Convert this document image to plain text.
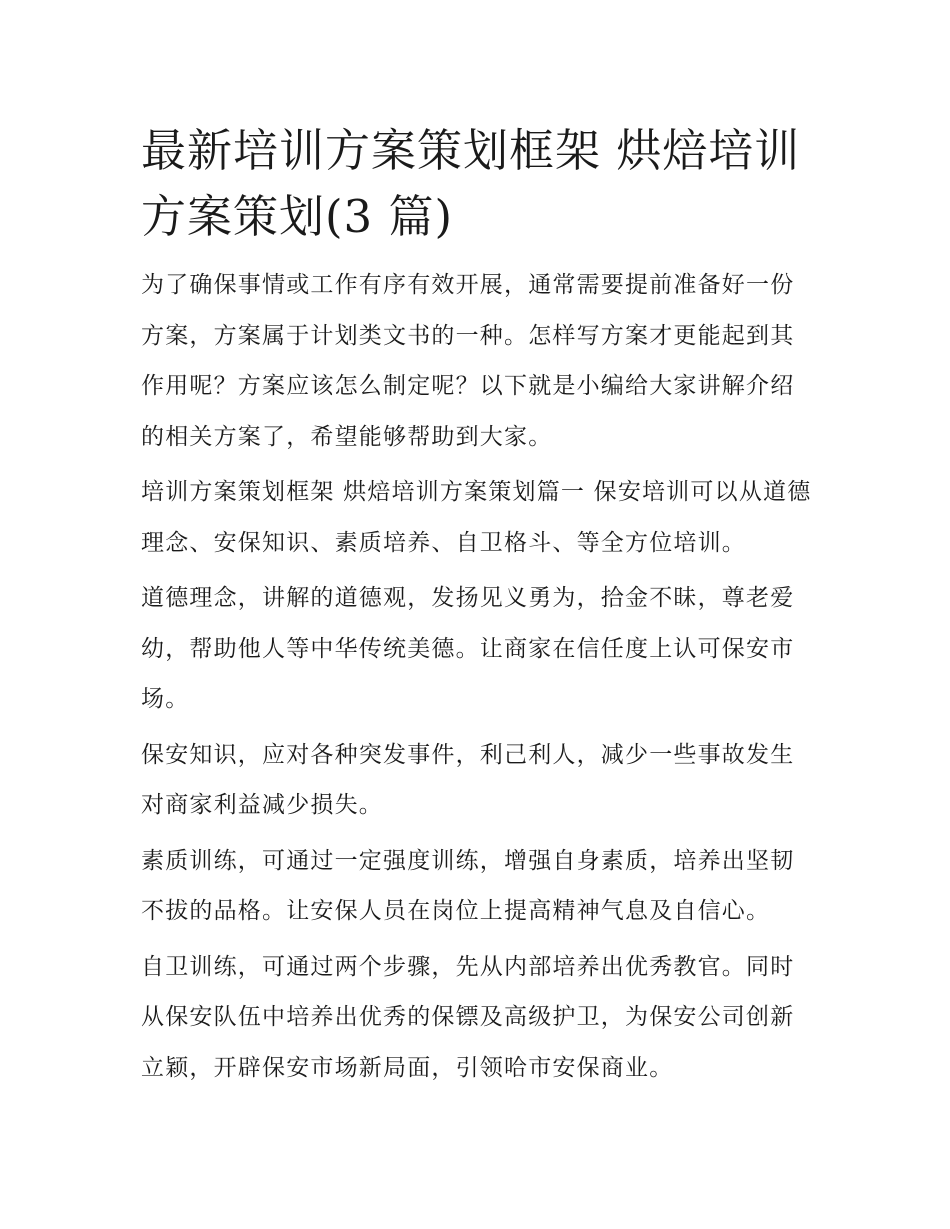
最新培训方案策划框架 烘焙培训方案策划(3 篇)

为了确保事情或工作有序有效开展，通常需要提前准备好一份方案，方案属于计划类文书的一种。怎样写方案才更能起到其作用呢？方案应该怎么制定呢？以下就是小编给大家讲解介绍的相关方案了，希望能够帮助到大家。

培训方案策划框架 烘焙培训方案策划篇一 保安培训可以从道德理念、安保知识、素质培养、自卫格斗、等全方位培训。

道德理念，讲解的道德观，发扬见义勇为，拾金不昧，尊老爱幼，帮助他人等中华传统美德。让商家在信任度上认可保安市场。

保安知识，应对各种突发事件，利己利人，减少一些事故发生对商家利益减少损失。

素质训练，可通过一定强度训练，增强自身素质，培养出坚韧不拔的品格。让安保人员在岗位上提高精神气息及自信心。

自卫训练，可通过两个步骤，先从内部培养出优秀教官。同时从保安队伍中培养出优秀的保镖及高级护卫，为保安公司创新立颖，开辟保安市场新局面，引领哈市安保商业。
